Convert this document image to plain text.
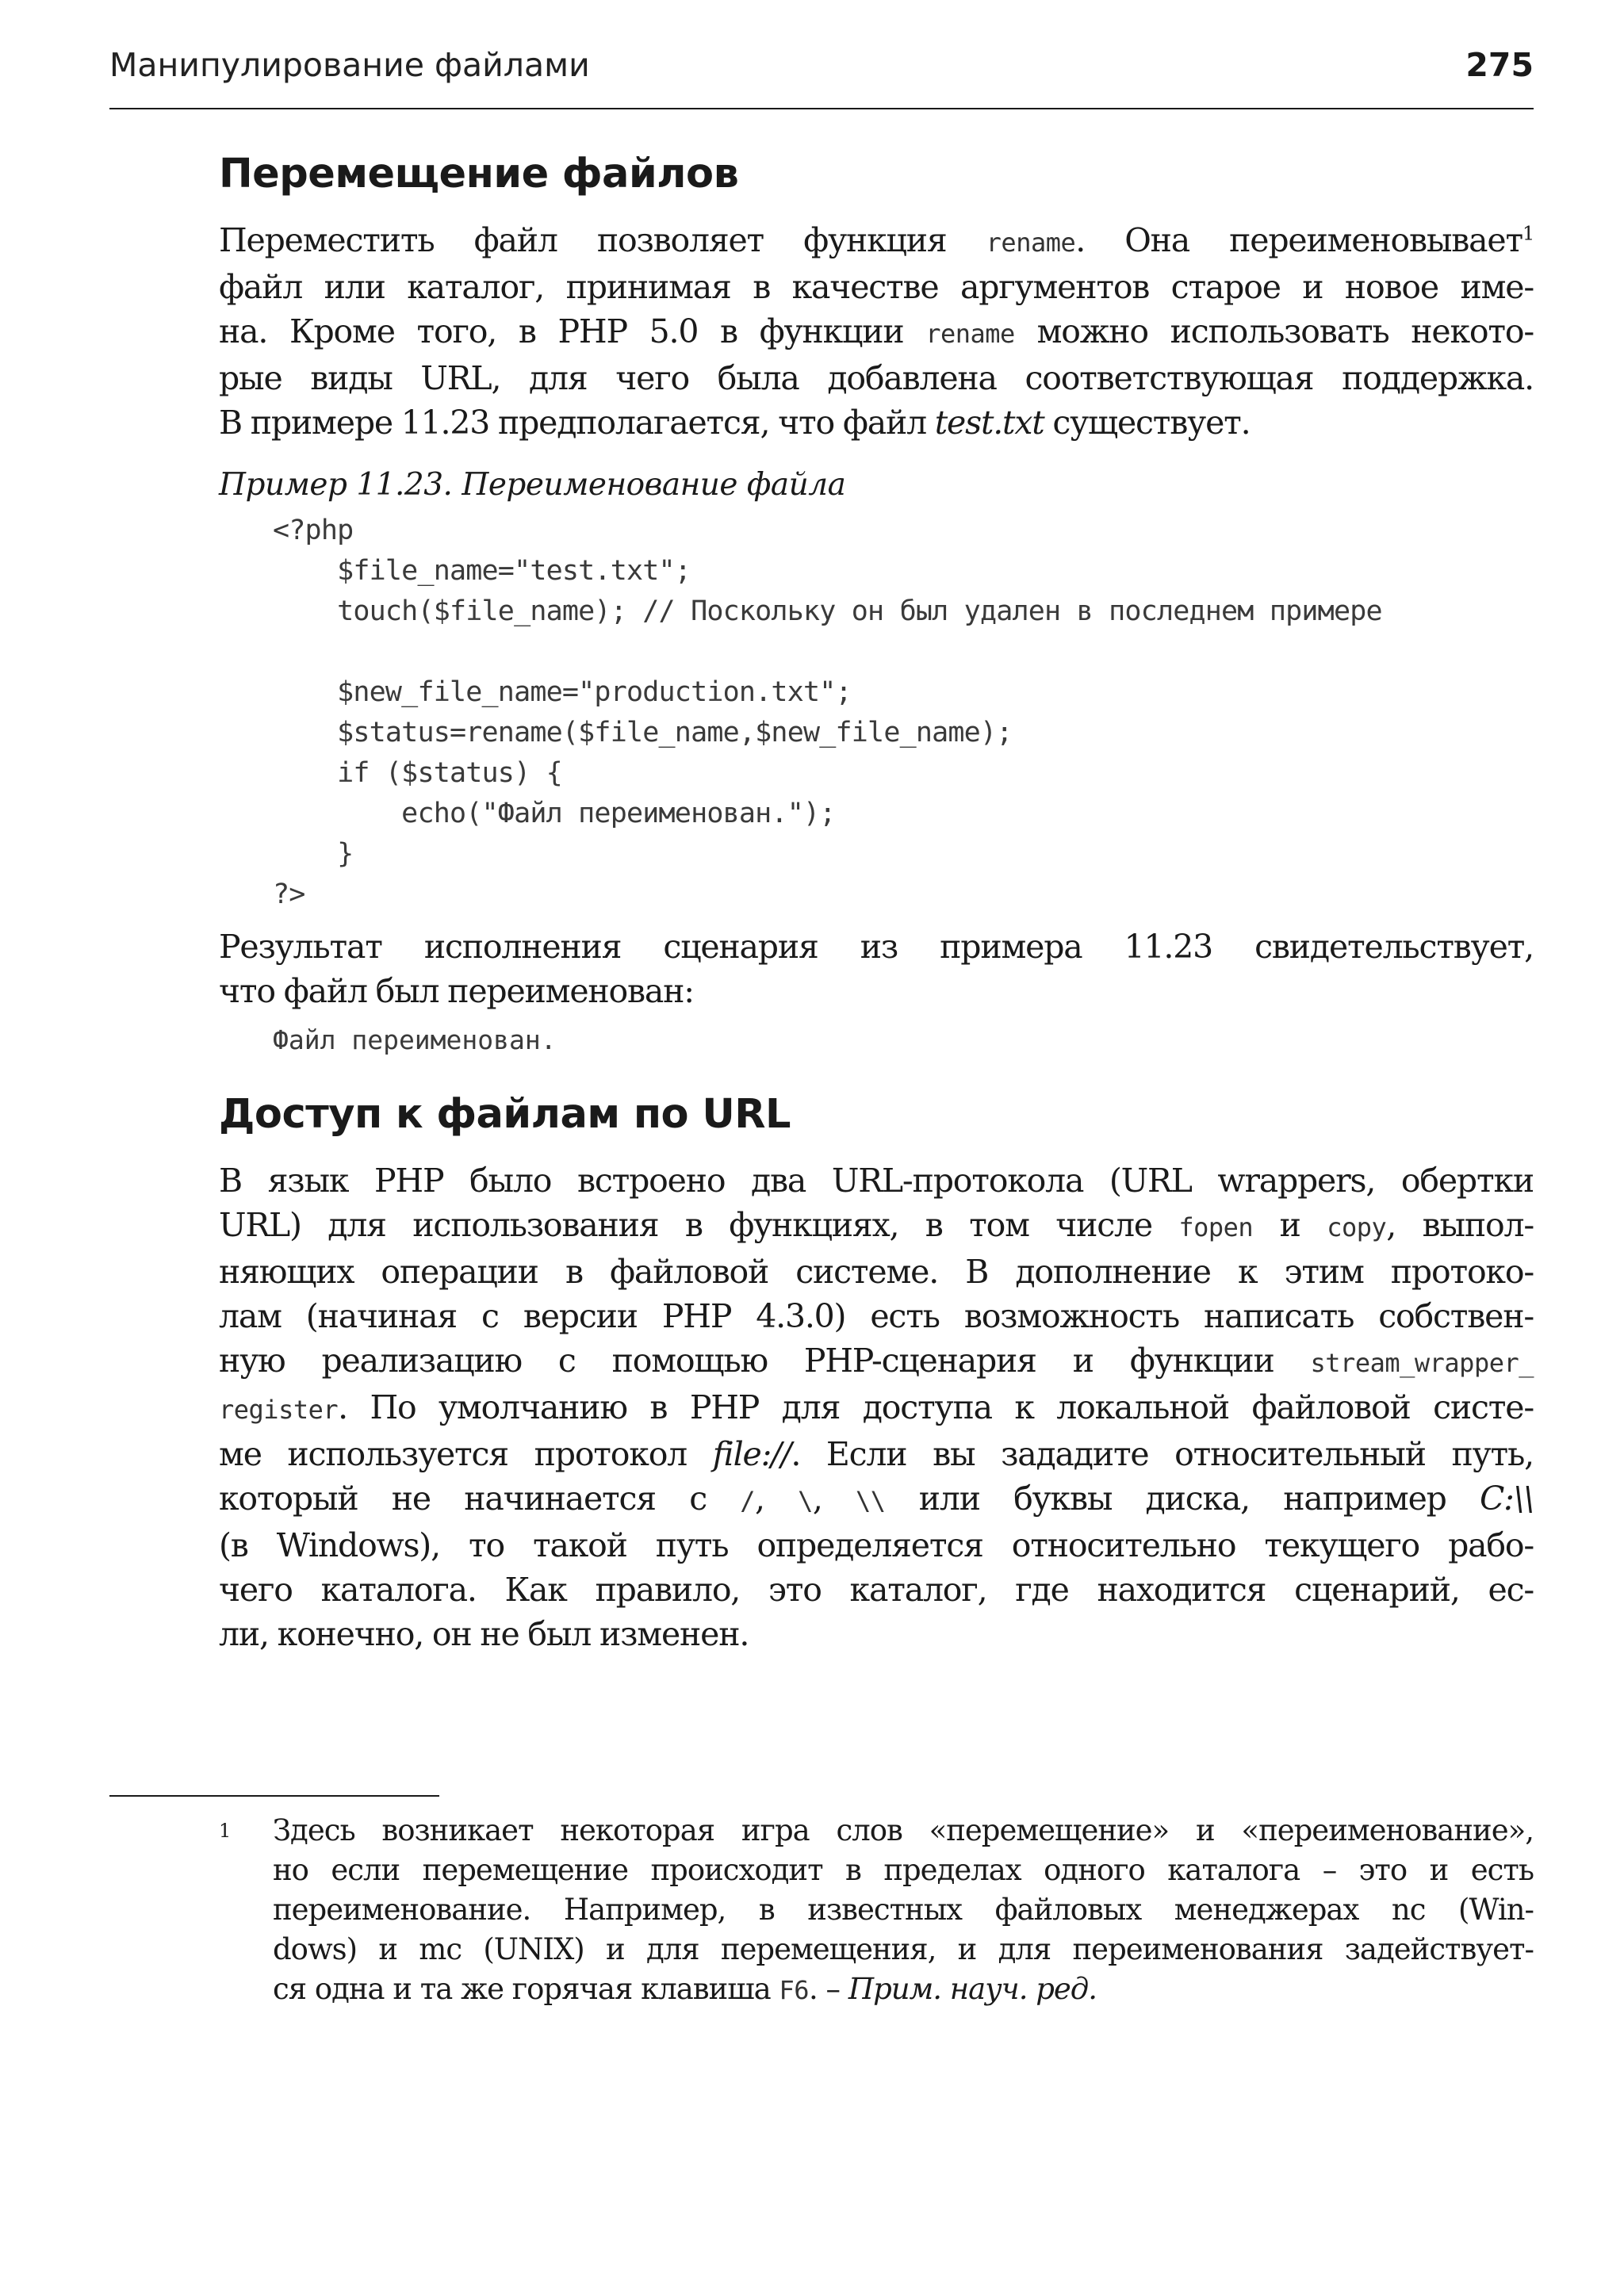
Манипулирование файлами	275
Перемещение файлов

Переместить файл позволяет функция rename. Она переименовывает$^1$
файл или каталог, принимая в качестве аргументов старое и новое име-
на. Кроме того, в PHP 5.0 в функции rename можно использовать некото-
рые виды URL, для чего была добавлена соответствующая поддержка.
В примере 11.23 предполагается, что файл test.txt существует.

Пример 11.23. Переименование файла
<?php
$file_name="test.txt";
touch($file_name); // Поскольку он был удален в последнем примере

$new_file_name="production.txt";
$status=rename($file_name,$new_file_name);
if ($status) {
echo("Файл переименован.");
}
?>

Результат исполнения сценария из примера 11.23 свидетельствует,
что файл был переименован:

Файл переименован.
Доступ к файлам по URL

В язык PHP было встроено два URL-протокола (URL wrappers, обертки
URL) для использования в функциях, в том числе fopen и copy, выпол-
няющих операции в файловой системе. В дополнение к этим протоко-
лам (начиная с версии PHP 4.3.0) есть возможность написать собствен-
ную реализацию с помощью PHP-сценария и функции stream_wrapper_
register. По умолчанию в PHP для доступа к локальной файловой систе-
ме используется протокол file://. Если вы зададите относительный путь,
который не начинается с /, \, \\ или буквы диска, например C:\\
(в Windows), то такой путь определяется относительно текущего рабо-
чего каталога. Как правило, это каталог, где находится сценарий, ес-
ли, конечно, он не был изменен.

1 Здесь возникает некоторая игра слов «перемещение» и «переименование»,
но если перемещение происходит в пределах одного каталога – это и есть
переименование. Например, в известных файловых менеджерах nc (Win-
dows) и mc (UNIX) и для перемещения, и для переименования задействует-
ся одна и та же горячая клавиша F6. – Прим. науч. ред.
